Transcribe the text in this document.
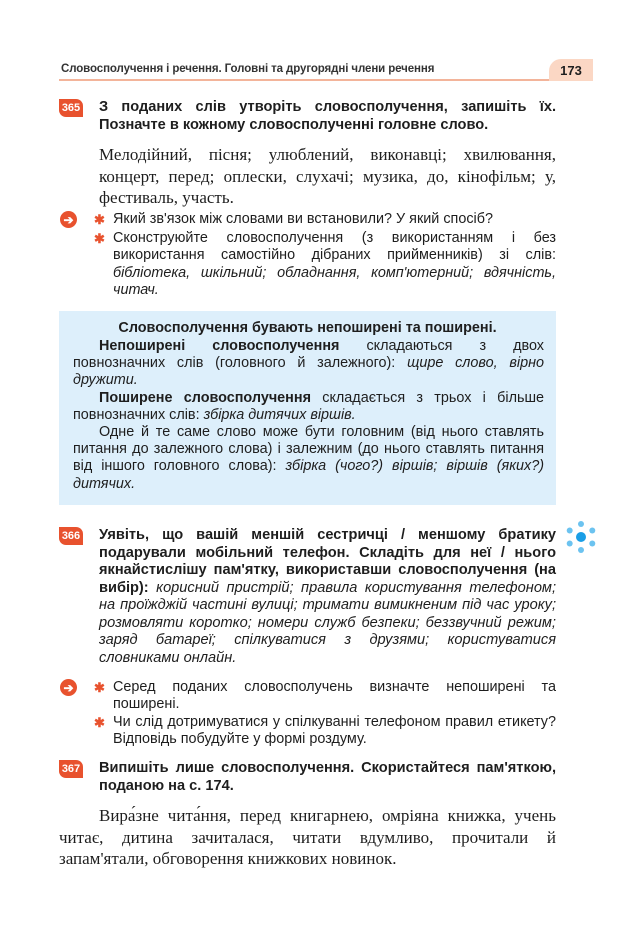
Словосполучення і речення. Головні та другорядні члени речення	173
365 З поданих слів утворіть словосполучення, запишіть їх. Позначте в кожному словосполученні головне слово.
Мелодійний, пісня; улюблений, виконавці; хвилювання, концерт, перед; оплески, слухачі; музика, до, кінофільм; у, фестиваль, участь.
➔ ✱ Який зв'язок між словами ви встановили? У який спосіб?
✱ Сконструюйте словосполучення (з використанням і без використання самостійно дібраних прийменників) зі слів: бібліотека, шкільний; обладнання, комп'ютерний; вдячність, читач.
Словосполучення бувають непоширені та поширені.
Непоширені словосполучення складаються з двох повнозначних слів (головного й залежного): щире слово, вірно дружити.
Поширене словосполучення складається з трьох і більше повнозначних слів: збірка дитячих віршів.
Одне й те саме слово може бути головним (від нього ставлять питання до залежного слова) і залежним (до нього ставлять питання від іншого головного слова): збірка (чого?) віршів; віршів (яких?) дитячих.
366 Уявіть, що вашій меншій сестричці / меншому братику подарували мобільний телефон. Складіть для неї / нього якнайстислішу пам'ятку, використавши словосполучення (на вибір): корисний пристрій; правила користування телефоном; на проїжджій частині вулиці; тримати вимикненим під час уроку; розмовляти коротко; номери служб безпеки; беззвучний режим; заряд батареї; спілкуватися з друзями; користуватися словниками онлайн.
➔ ✱ Серед поданих словосполучень визначте непоширені та поширені.
✱ Чи слід дотримуватися у спілкуванні телефоном правил етикету? Відповідь побудуйте у формі роздуму.
367 Випишіть лише словосполучення. Скористайтеся пам'яткою, поданою на с. 174.
Вира́зне чита́ння, перед книгарнею, омріяна книжка, учень читає, дитина зачиталася, читати вдумливо, прочитали й запам'ятали, обговорення книжкових новинок.
